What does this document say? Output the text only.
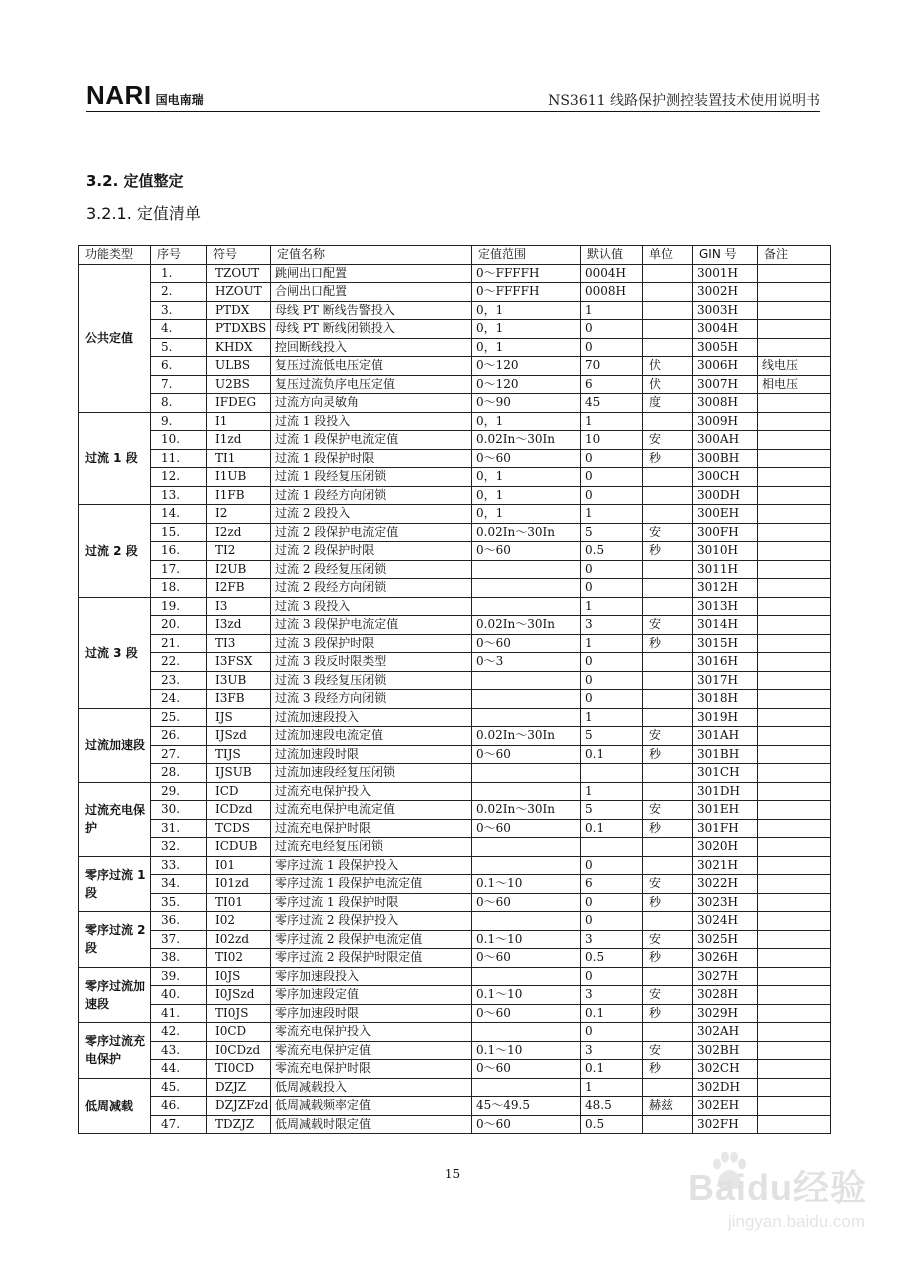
NARI 国电南瑞	NS3611 线路保护测控装置技术使用说明书
3.2. 定值整定
3.2.1. 定值清单
功能类型	序号	符号	定值名称	定值范围	默认值	单位	GIN 号	备注
公共定值	1.	TZOUT	跳闸出口配置	0～FFFFH	0004H		3001H	
	2.	HZOUT	合闸出口配置	0～FFFFH	0008H		3002H	
	3.	PTDX	母线 PT 断线告警投入	0，1	1		3003H	
	4.	PTDXBS	母线 PT 断线闭锁投入	0，1	0		3004H	
	5.	KHDX	控回断线投入	0，1	0		3005H	
	6.	ULBS	复压过流低电压定值	0～120	70	伏	3006H	线电压
	7.	U2BS	复压过流负序电压定值	0～120	6	伏	3007H	相电压
	8.	IFDEG	过流方向灵敏角	0～90	45	度	3008H	
过流 1 段	9.	I1	过流 1 段投入	0，1	1		3009H	
	10.	I1zd	过流 1 段保护电流定值	0.02In～30In	10	安	300AH	
	11.	TI1	过流 1 段保护时限	0～60	0	秒	300BH	
	12.	I1UB	过流 1 段经复压闭锁	0，1	0		300CH	
	13.	I1FB	过流 1 段经方向闭锁	0，1	0		300DH	
过流 2 段	14.	I2	过流 2 段投入	0，1	1		300EH	
	15.	I2zd	过流 2 段保护电流定值	0.02In～30In	5	安	300FH	
	16.	TI2	过流 2 段保护时限	0～60	0.5	秒	3010H	
	17.	I2UB	过流 2 段经复压闭锁		0		3011H	
	18.	I2FB	过流 2 段经方向闭锁		0		3012H	
过流 3 段	19.	I3	过流 3 段投入		1		3013H	
	20.	I3zd	过流 3 段保护电流定值	0.02In～30In	3	安	3014H	
	21.	TI3	过流 3 段保护时限	0～60	1	秒	3015H	
	22.	I3FSX	过流 3 段反时限类型	0～3	0		3016H	
	23.	I3UB	过流 3 段经复压闭锁		0		3017H	
	24.	I3FB	过流 3 段经方向闭锁		0		3018H	
过流加速段	25.	IJS	过流加速段投入		1		3019H	
	26.	IJSzd	过流加速段电流定值	0.02In～30In	5	安	301AH	
	27.	TIJS	过流加速段时限	0～60	0.1	秒	301BH	
	28.	IJSUB	过流加速段经复压闭锁				301CH	
过流充电保护	29.	ICD	过流充电保护投入		1		301DH	
	30.	ICDzd	过流充电保护电流定值	0.02In～30In	5	安	301EH	
	31.	TCDS	过流充电保护时限	0～60	0.1	秒	301FH	
	32.	ICDUB	过流充电经复压闭锁				3020H	
零序过流 1 段	33.	I01	零序过流 1 段保护投入		0		3021H	
	34.	I01zd	零序过流 1 段保护电流定值	0.1～10	6	安	3022H	
	35.	TI01	零序过流 1 段保护时限	0～60	0	秒	3023H	
零序过流 2 段	36.	I02	零序过流 2 段保护投入		0		3024H	
	37.	I02zd	零序过流 2 段保护电流定值	0.1～10	3	安	3025H	
	38.	TI02	零序过流 2 段保护时限定值	0～60	0.5	秒	3026H	
零序过流加速段	39.	I0JS	零序加速段投入		0		3027H	
	40.	I0JSzd	零序加速段定值	0.1～10	3	安	3028H	
	41.	TI0JS	零序加速段时限	0～60	0.1	秒	3029H	
零序过流充电保护	42.	I0CD	零流充电保护投入		0		302AH	
	43.	I0CDzd	零流充电保护定值	0.1～10	3	安	302BH	
	44.	TI0CD	零流充电保护时限	0～60	0.1	秒	302CH	
低周减载	45.	DZJZ	低周减载投入		1		302DH	
	46.	DZJZFzd	低周减载频率定值	45～49.5	48.5	赫兹	302EH	
	47.	TDZJZ	低周减载时限定值	0～60	0.5		302FH	
15	Baidu经验
jingyan.baidu.com
